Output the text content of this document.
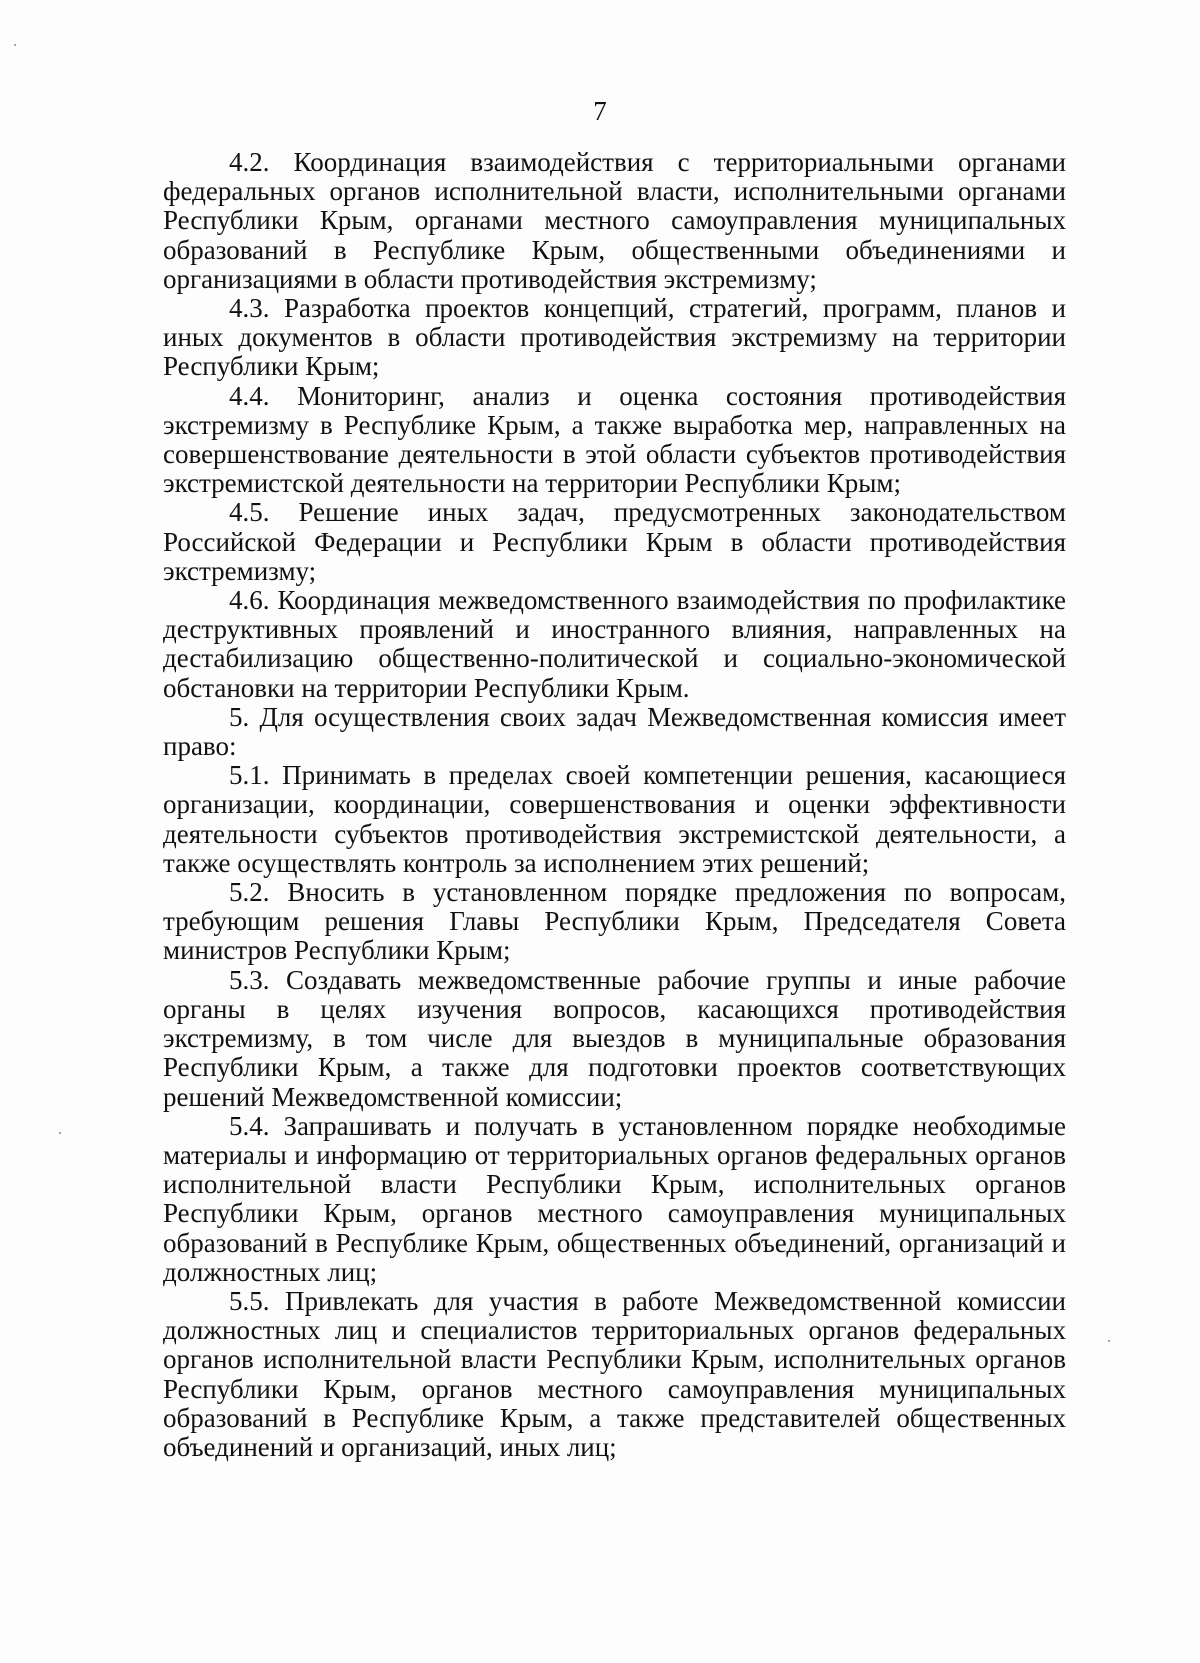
7

4.2. Координация взаимодействия с территориальными органами федеральных органов исполнительной власти, исполнительными органами Республики Крым, органами местного самоуправления муниципальных образований в Республике Крым, общественными объединениями и организациями в области противодействия экстремизму;

4.3. Разработка проектов концепций, стратегий, программ, планов и иных документов в области противодействия экстремизму на территории Республики Крым;

4.4. Мониторинг, анализ и оценка состояния противодействия экстремизму в Республике Крым, а также выработка мер, направленных на совершенствование деятельности в этой области субъектов противодействия экстремистской деятельности на территории Республики Крым;

4.5. Решение иных задач, предусмотренных законодательством Российской Федерации и Республики Крым в области противодействия экстремизму;

4.6. Координация межведомственного взаимодействия по профилактике деструктивных проявлений и иностранного влияния, направленных на дестабилизацию общественно-политической и социально-экономической обстановки на территории Республики Крым.

5. Для осуществления своих задач Межведомственная комиссия имеет право:

5.1. Принимать в пределах своей компетенции решения, касающиеся организации, координации, совершенствования и оценки эффективности деятельности субъектов противодействия экстремистской деятельности, а также осуществлять контроль за исполнением этих решений;

5.2. Вносить в установленном порядке предложения по вопросам, требующим решения Главы Республики Крым, Председателя Совета министров Республики Крым;

5.3. Создавать межведомственные рабочие группы и иные рабочие органы в целях изучения вопросов, касающихся противодействия экстремизму, в том числе для выездов в муниципальные образования Республики Крым, а также для подготовки проектов соответствующих решений Межведомственной комиссии;

5.4. Запрашивать и получать в установленном порядке необходимые материалы и информацию от территориальных органов федеральных органов исполнительной власти Республики Крым, исполнительных органов Республики Крым, органов местного самоуправления муниципальных образований в Республике Крым, общественных объединений, организаций и должностных лиц;

5.5. Привлекать для участия в работе Межведомственной комиссии должностных лиц и специалистов территориальных органов федеральных органов исполнительной власти Республики Крым, исполнительных органов Республики Крым, органов местного самоуправления муниципальных образований в Республике Крым, а также представителей общественных объединений и организаций, иных лиц;
